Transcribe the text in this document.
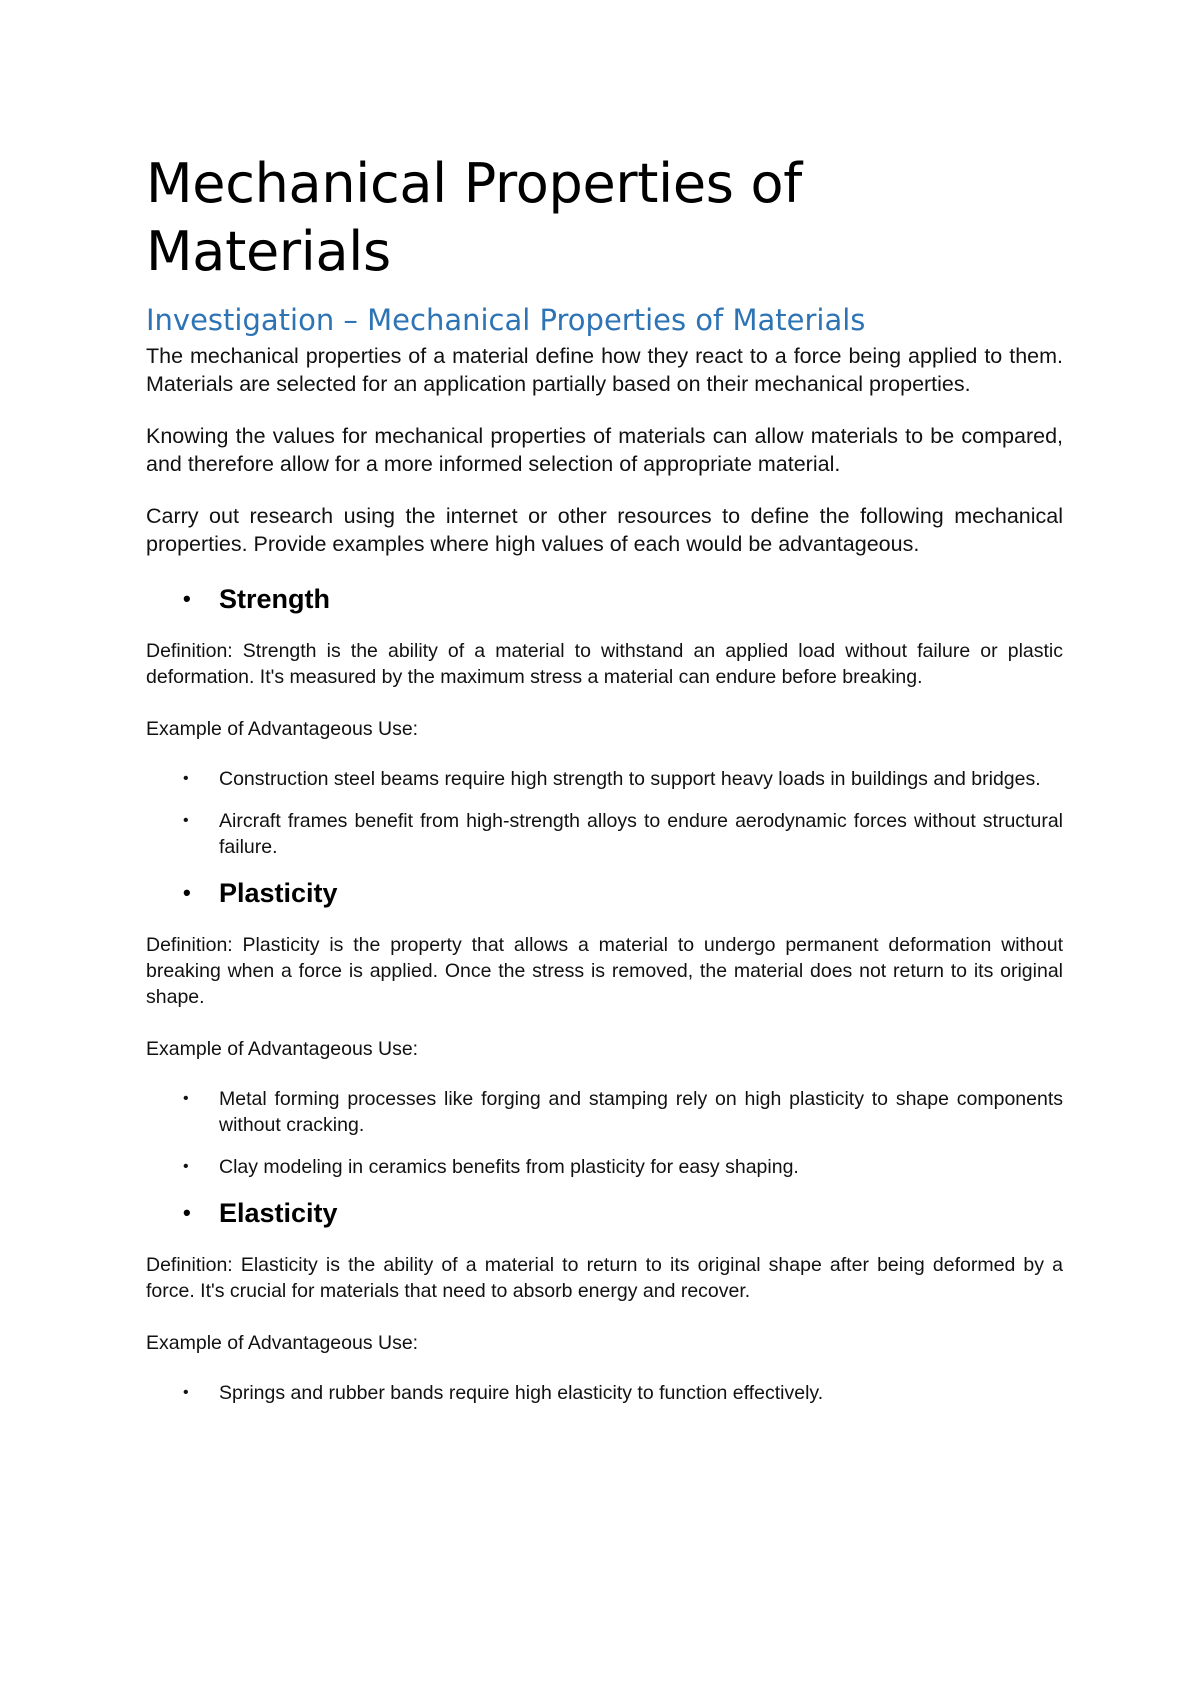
Mechanical Properties of
Materials
Investigation – Mechanical Properties of Materials

The mechanical properties of a material define how they react to a force being applied to them. Materials are selected for an application partially based on their mechanical properties.

Knowing the values for mechanical properties of materials can allow materials to be compared, and therefore allow for a more informed selection of appropriate material.

Carry out research using the internet or other resources to define the following mechanical properties. Provide examples where high values of each would be advantageous.

• Strength

Definition: Strength is the ability of a material to withstand an applied load without failure or plastic deformation. It's measured by the maximum stress a material can endure before breaking.

Example of Advantageous Use:

• Construction steel beams require high strength to support heavy loads in buildings and bridges.
• Aircraft frames benefit from high-strength alloys to endure aerodynamic forces without structural failure.
• Plasticity

Definition: Plasticity is the property that allows a material to undergo permanent deformation without breaking when a force is applied. Once the stress is removed, the material does not return to its original shape.

Example of Advantageous Use:

• Metal forming processes like forging and stamping rely on high plasticity to shape components without cracking.
• Clay modeling in ceramics benefits from plasticity for easy shaping.
• Elasticity

Definition: Elasticity is the ability of a material to return to its original shape after being deformed by a force. It's crucial for materials that need to absorb energy and recover.

Example of Advantageous Use:

• Springs and rubber bands require high elasticity to function effectively.
